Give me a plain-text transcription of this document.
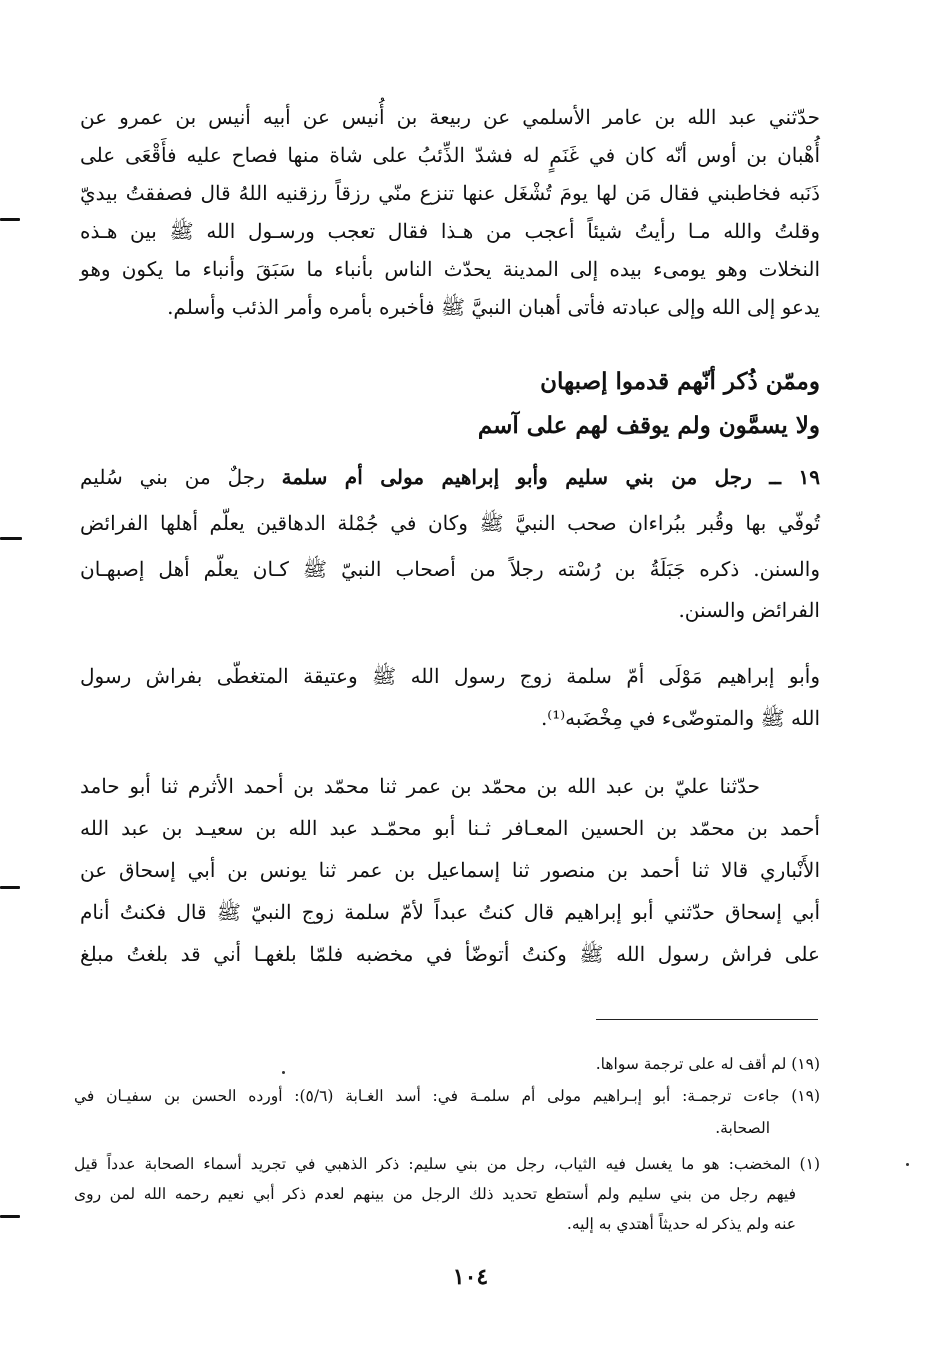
حدّثني عبد الله بن عامر الأسلمي عن ربيعة بن أُنيس عن أبيه أنيس بن عمرو عن
أُهْبان بن أوس أنّه كان في غَنَمٍ له فشدّ الذِّئبُ على شاة منها فصاح عليه فأَقْعَى على
ذَنَبه فخاطبني فقال مَن لها يومَ تُشْغَل عنها تنزع منّي رزقاً رزقنيه اللهُ قال فصفقتُ بيديّ
وقلتُ والله مـا رأيتُ شيئاً أعجب من هـذا فقال تعجب ورسـول الله ﷺ بين هـذه
النخلات وهو يومىء بيده إلى المدينة يحدّث الناس بأنباء ما سَبَقَ وأنباء ما يكون وهو
يدعو إلى الله وإلى عبادته فأتى أهبان النبيَّ ﷺ فأخبره بأمره وأمر الذئب وأسلم.
وممّن ذُكر أنّهم قدموا إصبهان
ولا يسمَّون ولم يوقف لهم على آسم
١٩ ــ رجل من بني سليم وأبو إبراهيم مولى أم سلمة رجلٌ من بني سُليم
تُوفّي بها وقُبر ببُراءان صحب النبيَّ ﷺ وكان في جُمْلة الدهاقين يعلّم أهلها الفرائض
والسنن. ذكره جَبَلَةُ بن رُسْته رجلاً من أصحاب النبيّ ﷺ كـان يعلّم أهل إصبهـان
الفرائض والسنن.
وأبو إبراهيم مَوْلَى أمّ سلمة زوج رسول الله ﷺ وعتيقة المتغطّى بفراش رسول
الله ﷺ والمتوضّىء في مِخْضَبه⁽¹⁾.
حدّثنا عليّ بن عبد الله بن محمّد بن عمر ثنا محمّد بن أحمد الأثرم ثنا أبو حامد
أحمد بن محمّد بن الحسين المعـافر ثـنا أبو محمّـد عبد الله بن سعيـد بن عبد الله
الأَنْباري قالا ثنا أحمد بن منصور ثنا إسماعيل بن عمر ثنا يونس بن أبي إسحاق عن
أبي إسحاق حدّثني أبو إبراهيم قال كنتُ عبداً لأمّ سلمة زوج النبيّ ﷺ قال فكنتُ أنام
على فراش رسول الله ﷺ وكنتُ أتوضّأ في مخضبه فلمّا بلغهـا أني قد بلغتُ مبلغ
(١٩) لم أقف له على ترجمة سواها.
(١٩) جاءت ترجمـة: أبو إبـراهيم مولى أم سلمـة في: أسد الغـابة (٥/٦): أورده الحسن بن سفيـان في
الصحابة.
(١) المخضب: هو ما يغسل فيه الثياب، رجل من بني سليم: ذكر الذهبي في تجريد أسماء الصحابة عدداً قيل
فيهم رجل من بني سليم ولم أستطع تحديد ذلك الرجل من بينهم لعدم ذكر أبي نعيم رحمه الله لمن روى
عنه ولم يذكر له حديثاً أهتدي به إليه.
١٠٤
